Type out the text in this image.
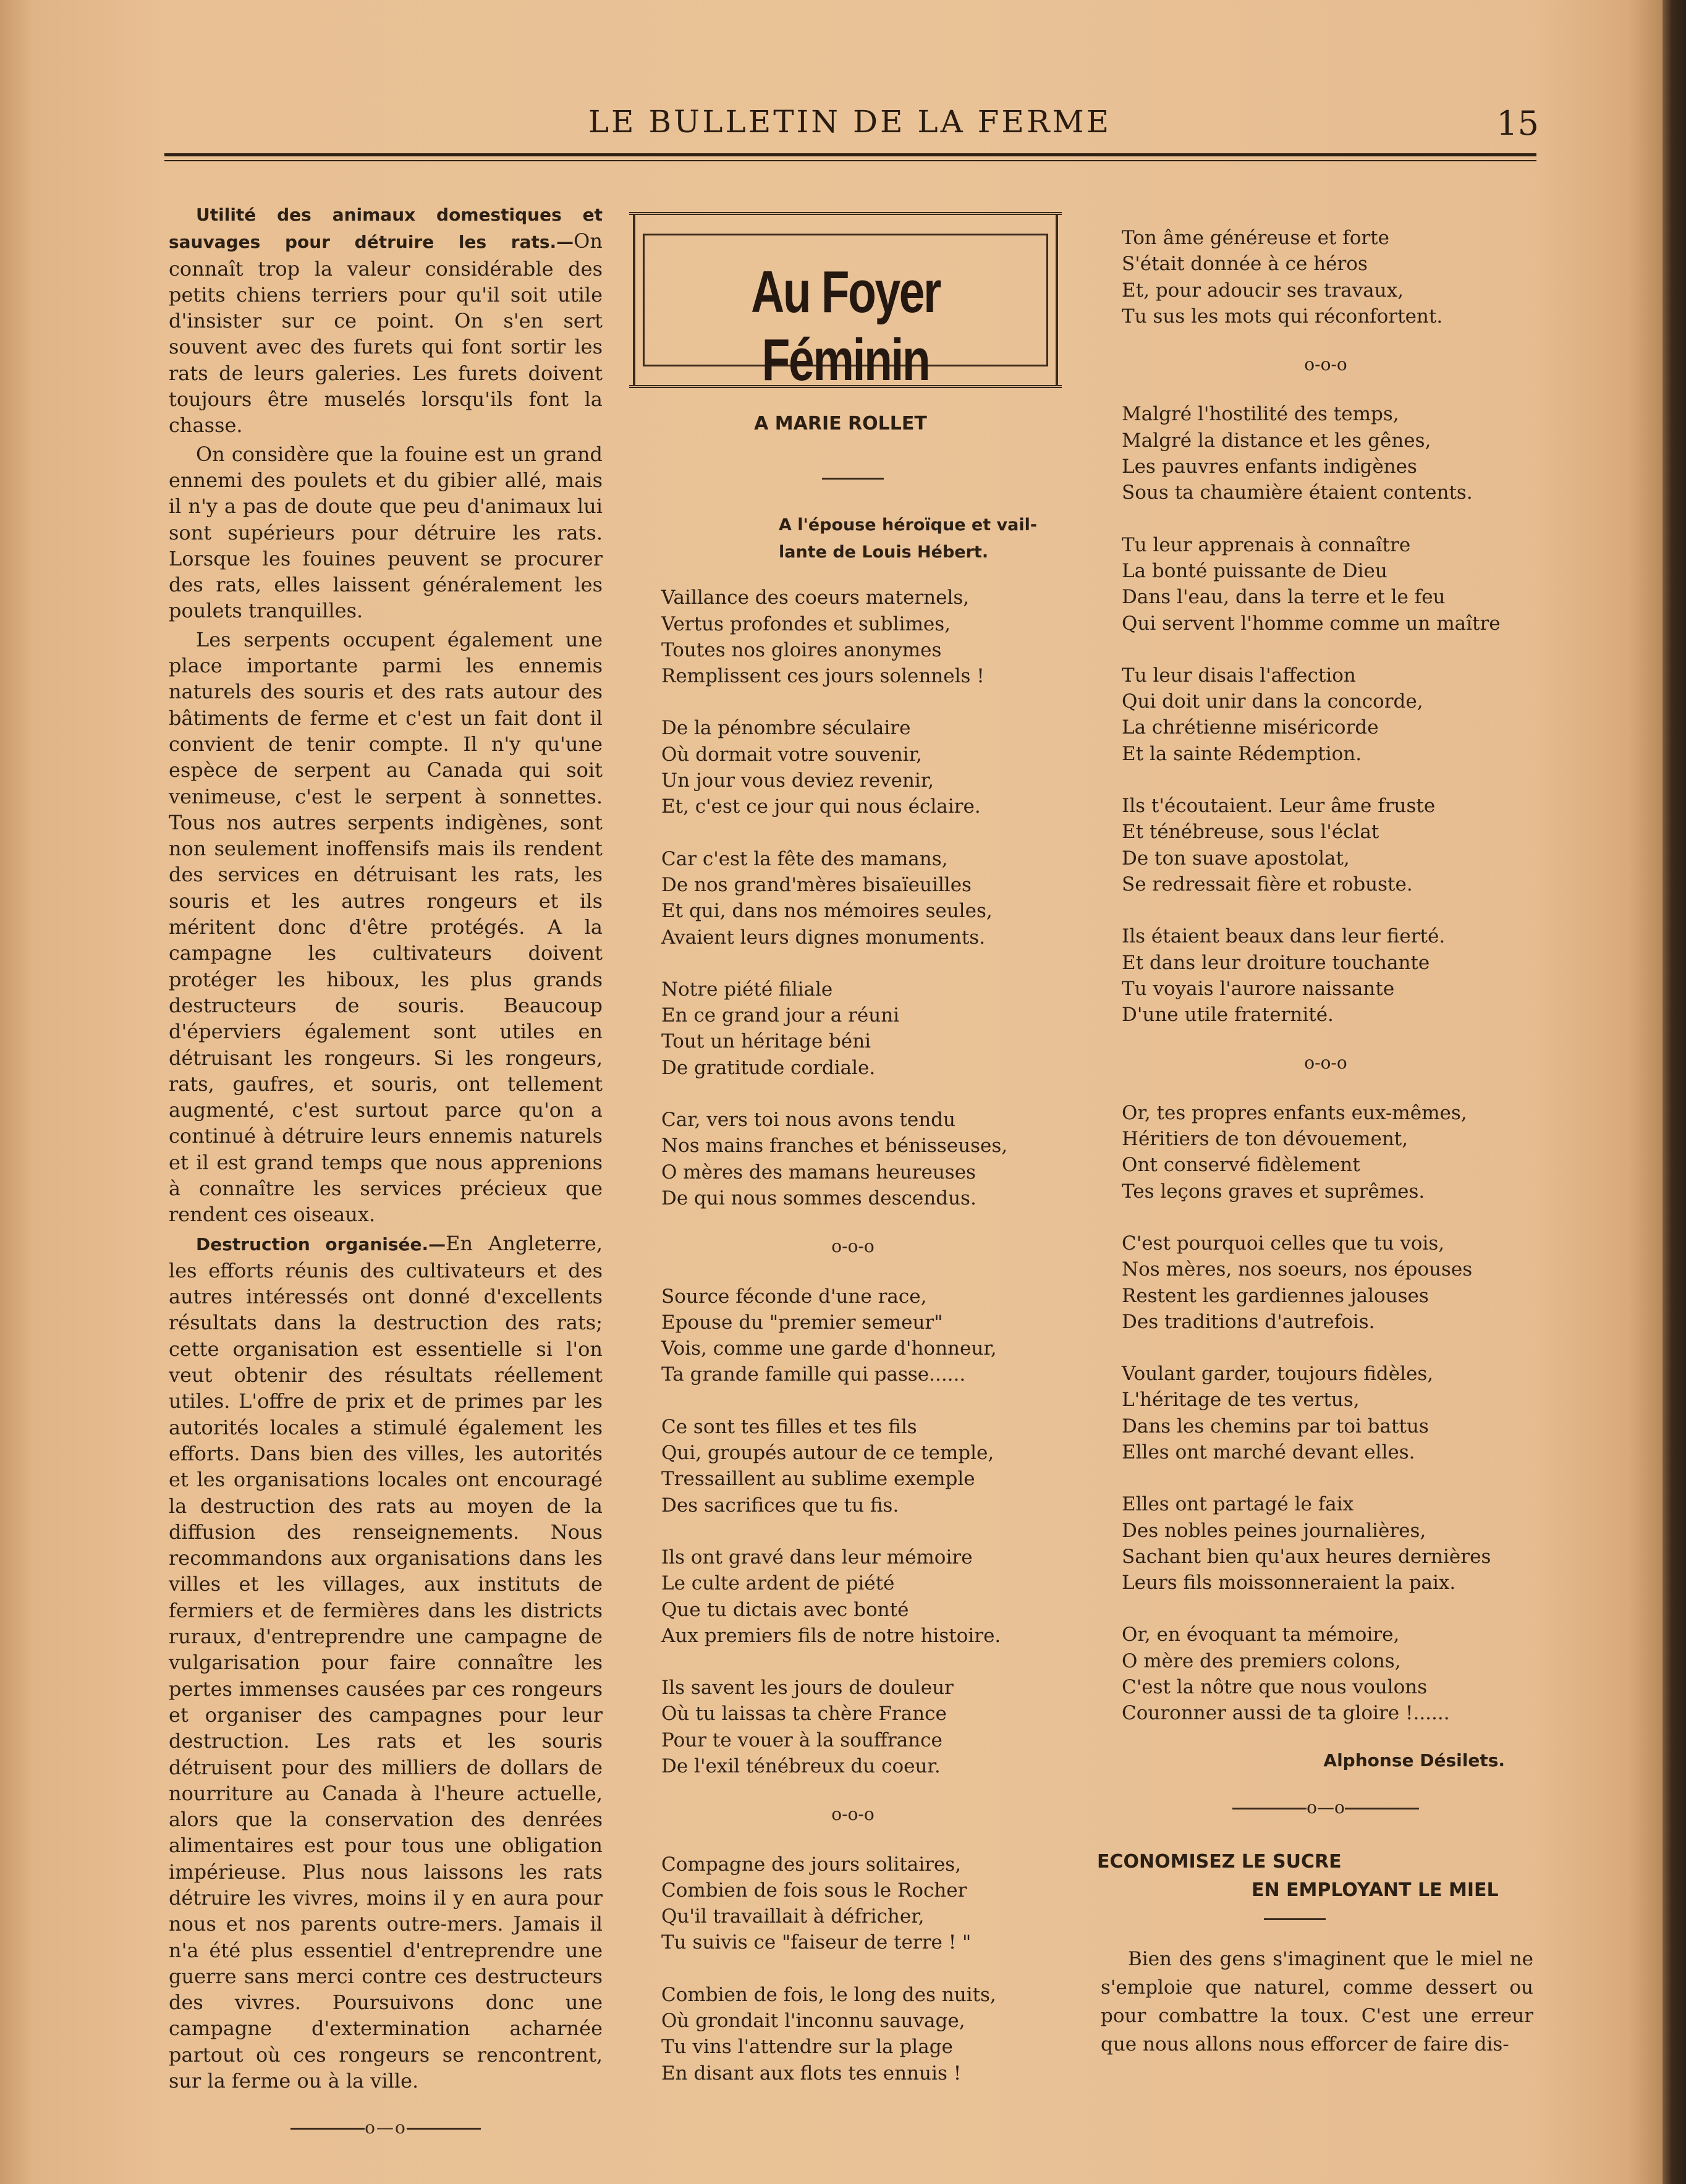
LE BULLETIN DE LA FERME	15

Utilité des animaux domestiques et sauvages pour détruire les rats.—On connaît trop la valeur considérable des petits chiens terriers pour qu'il soit utile d'insister sur ce point. On s'en sert souvent avec des furets qui font sortir les rats de leurs galeries. Les furets doivent toujours être muselés lorsqu'ils font la chasse.

On considère que la fouine est un grand ennemi des poulets et du gibier allé, mais il n'y a pas de doute que peu d'animaux lui sont supérieurs pour détruire les rats. Lorsque les fouines peuvent se procurer des rats, elles laissent généralement les poulets tranquilles.

Les serpents occupent également une place importante parmi les ennemis naturels des souris et des rats autour des bâtiments de ferme et c'est un fait dont il convient de tenir compte. Il n'y qu'une espèce de serpent au Canada qui soit venimeuse, c'est le serpent à sonnettes. Tous nos autres serpents indigènes, sont non seulement inoffensifs mais ils rendent des services en détruisant les rats, les souris et les autres rongeurs et ils méritent donc d'être protégés. A la campagne les cultivateurs doivent protéger les hiboux, les plus grands destructeurs de souris. Beaucoup d'éperviers également sont utiles en détruisant les rongeurs. Si les rongeurs, rats, gaufres, et souris, ont tellement augmenté, c'est surtout parce qu'on a continué à détruire leurs ennemis naturels et il est grand temps que nous apprenions à connaître les services précieux que rendent ces oiseaux.

Destruction organisée.—En Angleterre, les efforts réunis des cultivateurs et des autres intéressés ont donné d'excellents résultats dans la destruction des rats; cette organisation est essentielle si l'on veut obtenir des résultats réellement utiles. L'offre de prix et de primes par les autorités locales a stimulé également les efforts. Dans bien des villes, les autorités et les organisations locales ont encouragé la destruction des rats au moyen de la diffusion des renseignements. Nous recommandons aux organisations dans les villes et les villages, aux instituts de fermiers et de fermières dans les districts ruraux, d'entreprendre une campagne de vulgarisation pour faire connaître les pertes immenses causées par ces rongeurs et organiser des campagnes pour leur destruction. Les rats et les souris détruisent pour des milliers de dollars de nourriture au Canada à l'heure actuelle, alors que la conservation des denrées alimentaires est pour tous une obligation impérieuse. Plus nous laissons les rats détruire les vivres, moins il y en aura pour nous et nos parents outre-mers. Jamais il n'a été plus essentiel d'entreprendre une guerre sans merci contre ces destructeurs des vivres. Poursuivons donc une campagne d'extermination acharnée partout où ces rongeurs se rencontrent, sur la ferme ou à la ville.

o—o
Au Foyer Féminin
A MARIE ROLLET
A l'épouse héroïque et vail-
lante de Louis Hébert.
Vaillance des coeurs maternels,
Vertus profondes et sublimes,
Toutes nos gloires anonymes
Remplissent ces jours solennels !
De la pénombre séculaire
Où dormait votre souvenir,
Un jour vous deviez revenir,
Et, c'est ce jour qui nous éclaire.
Car c'est la fête des mamans,
De nos grand'mères bisaïeuilles
Et qui, dans nos mémoires seules,
Avaient leurs dignes monuments.
Notre piété filiale
En ce grand jour a réuni
Tout un héritage béni
De gratitude cordiale.
Car, vers toi nous avons tendu
Nos mains franches et bénisseuses,
O mères des mamans heureuses
De qui nous sommes descendus.
o-o-o
Source féconde d'une race,
Epouse du "premier semeur"
Vois, comme une garde d'honneur,
Ta grande famille qui passe......
Ce sont tes filles et tes fils
Qui, groupés autour de ce temple,
Tressaillent au sublime exemple
Des sacrifices que tu fis.
Ils ont gravé dans leur mémoire
Le culte ardent de piété
Que tu dictais avec bonté
Aux premiers fils de notre histoire.
Ils savent les jours de douleur
Où tu laissas ta chère France
Pour te vouer à la souffrance
De l'exil ténébreux du coeur.
o-o-o
Compagne des jours solitaires,
Combien de fois sous le Rocher
Qu'il travaillait à défricher,
Tu suivis ce "faiseur de terre ! "
Combien de fois, le long des nuits,
Où grondait l'inconnu sauvage,
Tu vins l'attendre sur la plage
En disant aux flots tes ennuis !
Ton âme généreuse et forte
S'était donnée à ce héros
Et, pour adoucir ses travaux,
Tu sus les mots qui réconfortent.
o-o-o
Malgré l'hostilité des temps,
Malgré la distance et les gênes,
Les pauvres enfants indigènes
Sous ta chaumière étaient contents.
Tu leur apprenais à connaître
La bonté puissante de Dieu
Dans l'eau, dans la terre et le feu
Qui servent l'homme comme un maître
Tu leur disais l'affection
Qui doit unir dans la concorde,
La chrétienne miséricorde
Et la sainte Rédemption.
Ils t'écoutaient. Leur âme fruste
Et ténébreuse, sous l'éclat
De ton suave apostolat,
Se redressait fière et robuste.
Ils étaient beaux dans leur fierté.
Et dans leur droiture touchante
Tu voyais l'aurore naissante
D'une utile fraternité.
o-o-o
Or, tes propres enfants eux-mêmes,
Héritiers de ton dévouement,
Ont conservé fidèlement
Tes leçons graves et suprêmes.
C'est pourquoi celles que tu vois,
Nos mères, nos soeurs, nos épouses
Restent les gardiennes jalouses
Des traditions d'autrefois.
Voulant garder, toujours fidèles,
L'héritage de tes vertus,
Dans les chemins par toi battus
Elles ont marché devant elles.
Elles ont partagé le faix
Des nobles peines journalières,
Sachant bien qu'aux heures dernières
Leurs fils moissonneraient la paix.
Or, en évoquant ta mémoire,
O mère des premiers colons,
C'est la nôtre que nous voulons
Couronner aussi de ta gloire !......
Alphonse Désilets.
o—o
ECONOMISEZ LE SUCRE
EN EMPLOYANT LE MIEL

Bien des gens s'imaginent que le miel ne s'emploie que naturel, comme dessert ou pour combattre la toux. C'est une erreur que nous allons nous efforcer de faire dis-
